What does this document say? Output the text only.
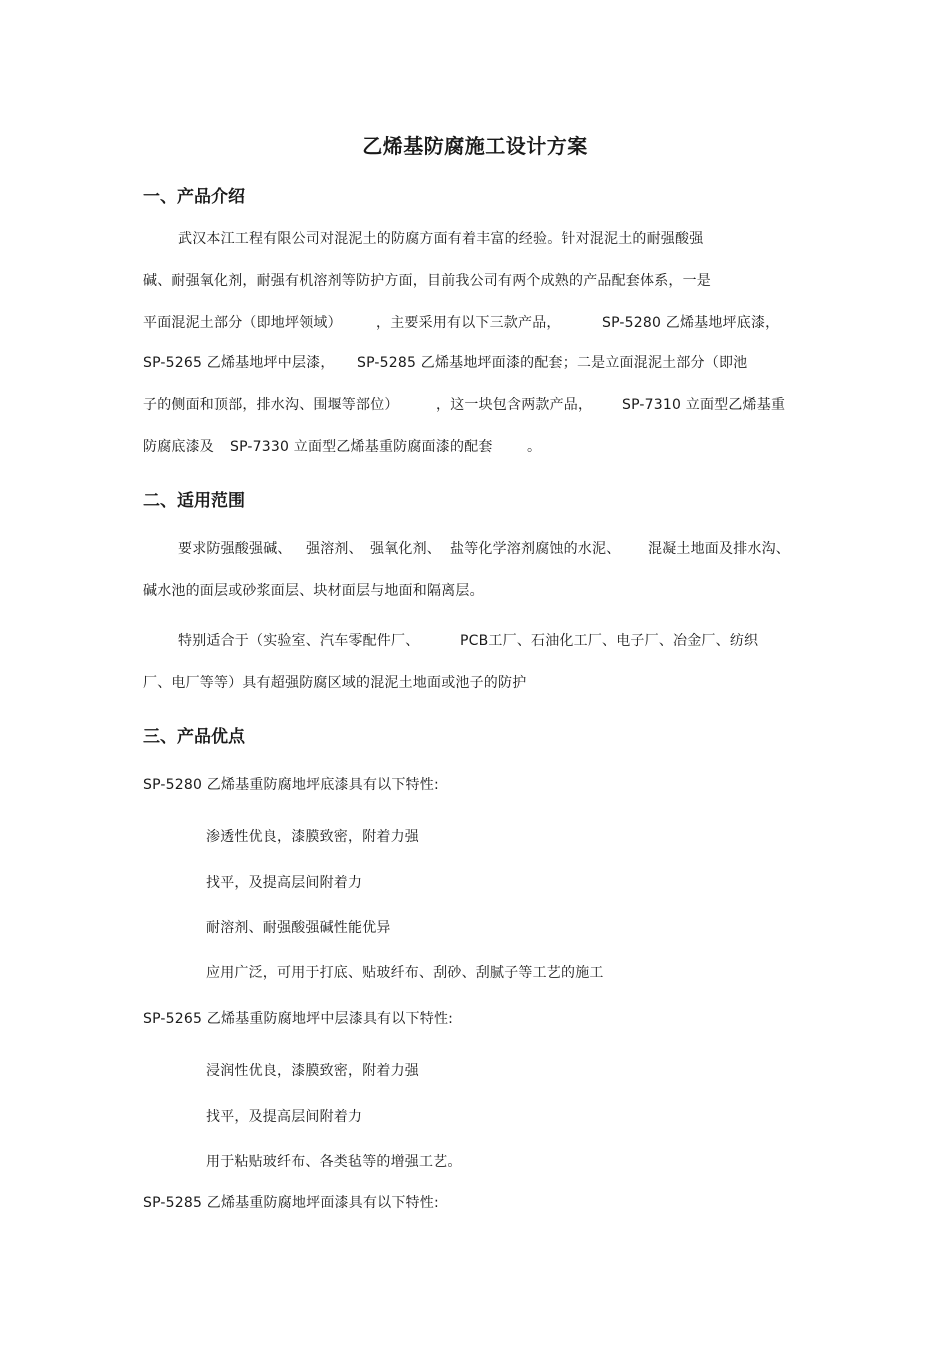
乙烯基防腐施工设计方案
一、产品介绍

武汉本江工程有限公司对混泥土的防腐方面有着丰富的经验。针对混泥土的耐强酸强

碱、耐强氧化剂，耐强有机溶剂等防护方面，目前我公司有两个成熟的产品配套体系，一是

平面混泥土部分（即地坪领域） ，主要采用有以下三款产品，	SP-5280 乙烯基地坪底漆，
SP-5265 乙烯基地坪中层漆， SP-5285 乙烯基地坪面漆的配套；二是立面混泥土部分（即池
子的侧面和顶部，排水沟、围堰等部位）	，这一块包含两款产品， SP-7310 立面型乙烯基重
防腐底漆及 SP-7330 立面型乙烯基重防腐面漆的配套 。
二、适用范围
要求防强酸强碱、 强溶剂、 强氧化剂、 盐等化学溶剂腐蚀的水泥、 混凝土地面及排水沟、

碱水池的面层或砂浆面层、块材面层与地面和隔离层。

特别适合于（实验室、汽车零配件厂、	PCB工厂、石油化工厂、电子厂、冶金厂、纺织

厂、电厂等等）具有超强防腐区域的混泥土地面或池子的防护

三、产品优点

SP-5280 乙烯基重防腐地坪底漆具有以下特性:

渗透性优良，漆膜致密，附着力强

找平，及提高层间附着力

耐溶剂、耐强酸强碱性能优异

应用广泛，可用于打底、贴玻纤布、刮砂、刮腻子等工艺的施工

SP-5265 乙烯基重防腐地坪中层漆具有以下特性:

浸润性优良，漆膜致密，附着力强

找平，及提高层间附着力

用于粘贴玻纤布、各类毡等的增强工艺。

SP-5285 乙烯基重防腐地坪面漆具有以下特性:
